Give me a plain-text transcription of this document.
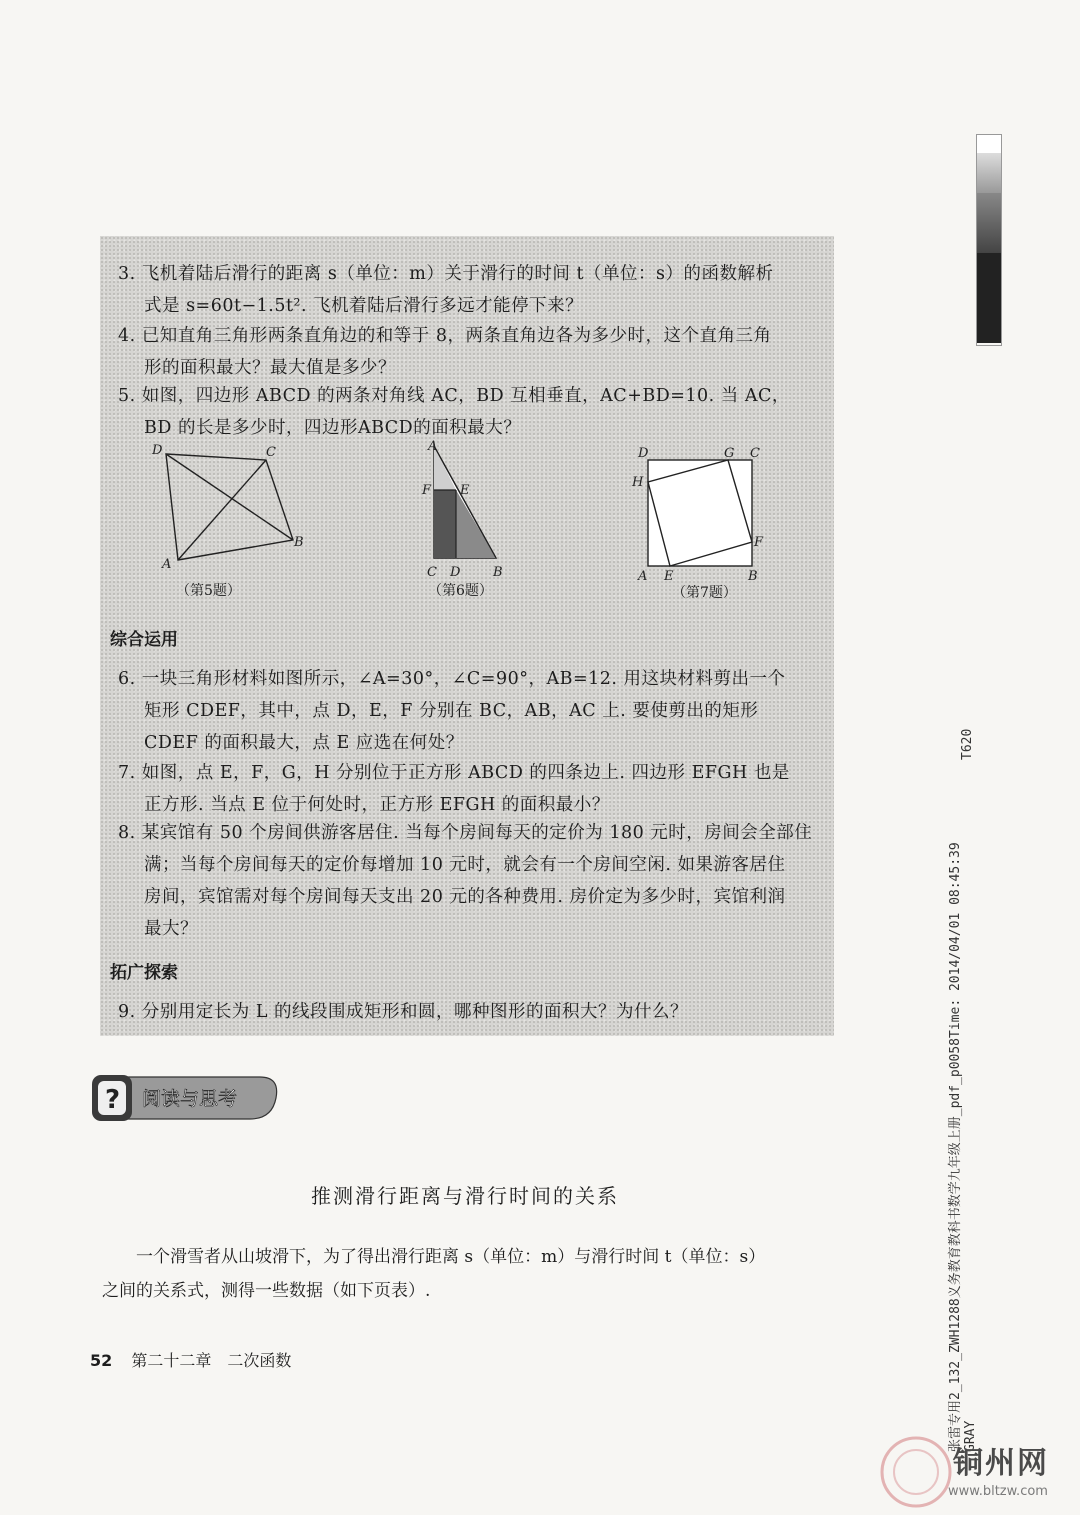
3. 飞机着陆后滑行的距离 s（单位：m）关于滑行的时间 t（单位：s）的函数解析
式是 s=60t−1.5t². 飞机着陆后滑行多远才能停下来？
4. 已知直角三角形两条直角边的和等于 8，两条直角边各为多少时，这个直角三角
形的面积最大？最大值是多少？
5. 如图，四边形 ABCD 的两条对角线 AC，BD 互相垂直，AC+BD=10. 当 AC，
BD 的长是多少时，四边形ABCD的面积最大？
D	C
B
A
（第5题）
A
F E
C D	B
（第6题）
D	G C
H
F
A E	B
（第7题）
综合运用
6. 一块三角形材料如图所示，∠A=30°，∠C=90°，AB=12. 用这块材料剪出一个
矩形 CDEF，其中，点 D，E，F 分别在 BC，AB，AC 上. 要使剪出的矩形
CDEF 的面积最大，点 E 应选在何处？
7. 如图，点 E，F，G，H 分别位于正方形 ABCD 的四条边上. 四边形 EFGH 也是
正方形. 当点 E 位于何处时，正方形 EFGH 的面积最小？
8. 某宾馆有 50 个房间供游客居住. 当每个房间每天的定价为 180 元时，房间会全部住
满；当每个房间每天的定价每增加 10 元时，就会有一个房间空闲. 如果游客居住
房间，宾馆需对每个房间每天支出 20 元的各种费用. 房价定为多少时，宾馆利润
最大？
拓广探索
9. 分别用定长为 L 的线段围成矩形和圆，哪种图形的面积大？为什么？
? 阅读与思考
推测滑行距离与滑行时间的关系
一个滑雪者从山坡滑下，为了得出滑行距离 s（单位：m）与滑行时间 t（单位：s）
之间的关系式，测得一些数据（如下页表）.
52 第二十二章　二次函数	张雷专用2_132_ZWH1288义务教育教科书数学九年级上册_pdf_p0058Time: 2014/04/01 08:45:39 GRAY
T620
铜州网
www.bltzw.com
